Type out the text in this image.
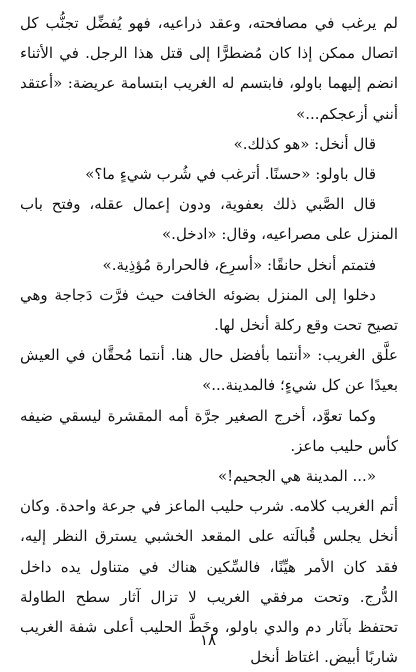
لم يرغب في مصافحته، وعقد ذراعيه، فهو يُفضِّل تجنُّب كل اتصال ممكن إذا كان مُضطرًّا إلى قتل هذا الرجل. في الأثناء انضم إليهما باولو، فابتسم له الغريب ابتسامة عريضة: «أعتقد أنني أزعجكم...»

قال أنخل: «هو كذلك.»

قال باولو: «حسنًا. أترغب في شُرب شيءٍ ما؟»

قال الصَّبي ذلك بعفوية، ودون إعمال عقله، وفتح باب المنزل على مصراعيه، وقال: «ادخل.»

فتمتم أنخل حانقًا: «أسرِع، فالحرارة مُؤذِية.»

دخلوا إلى المنزل بضوئه الخافت حيث فرَّت دَجاجة وهي تصيح تحت وقع ركلة أنخل لها.

علَّق الغريب: «أنتما بأفضل حال هنا. أنتما مُحقَّان في العيش بعيدًا عن كل شيءٍ؛ فالمدينة...»

وكما تعوَّد، أخرج الصغير جرَّة أمه المقشرة ليسقي ضيفه كأس حليب ماعز.

«... المدينة هي الجحيم!»

أتم الغريب كلامه. شرب حليب الماعز في جرعة واحدة. وكان أنخل يجلس قُبالَته على المقعد الخشبي يسترق النظر إليه، فقد كان الأمر هيِّنًا، فالسِّكين هناك في متناول يده داخل الدُّرج. وتحت مرفقي الغريب لا تزال آثار سطح الطاولة تحتفظ بآثار دم والدي باولو، وخَطَّ الحليب أعلى شفة الغريب شاربًا أبيض. اغتاظ أنخل

١٨
